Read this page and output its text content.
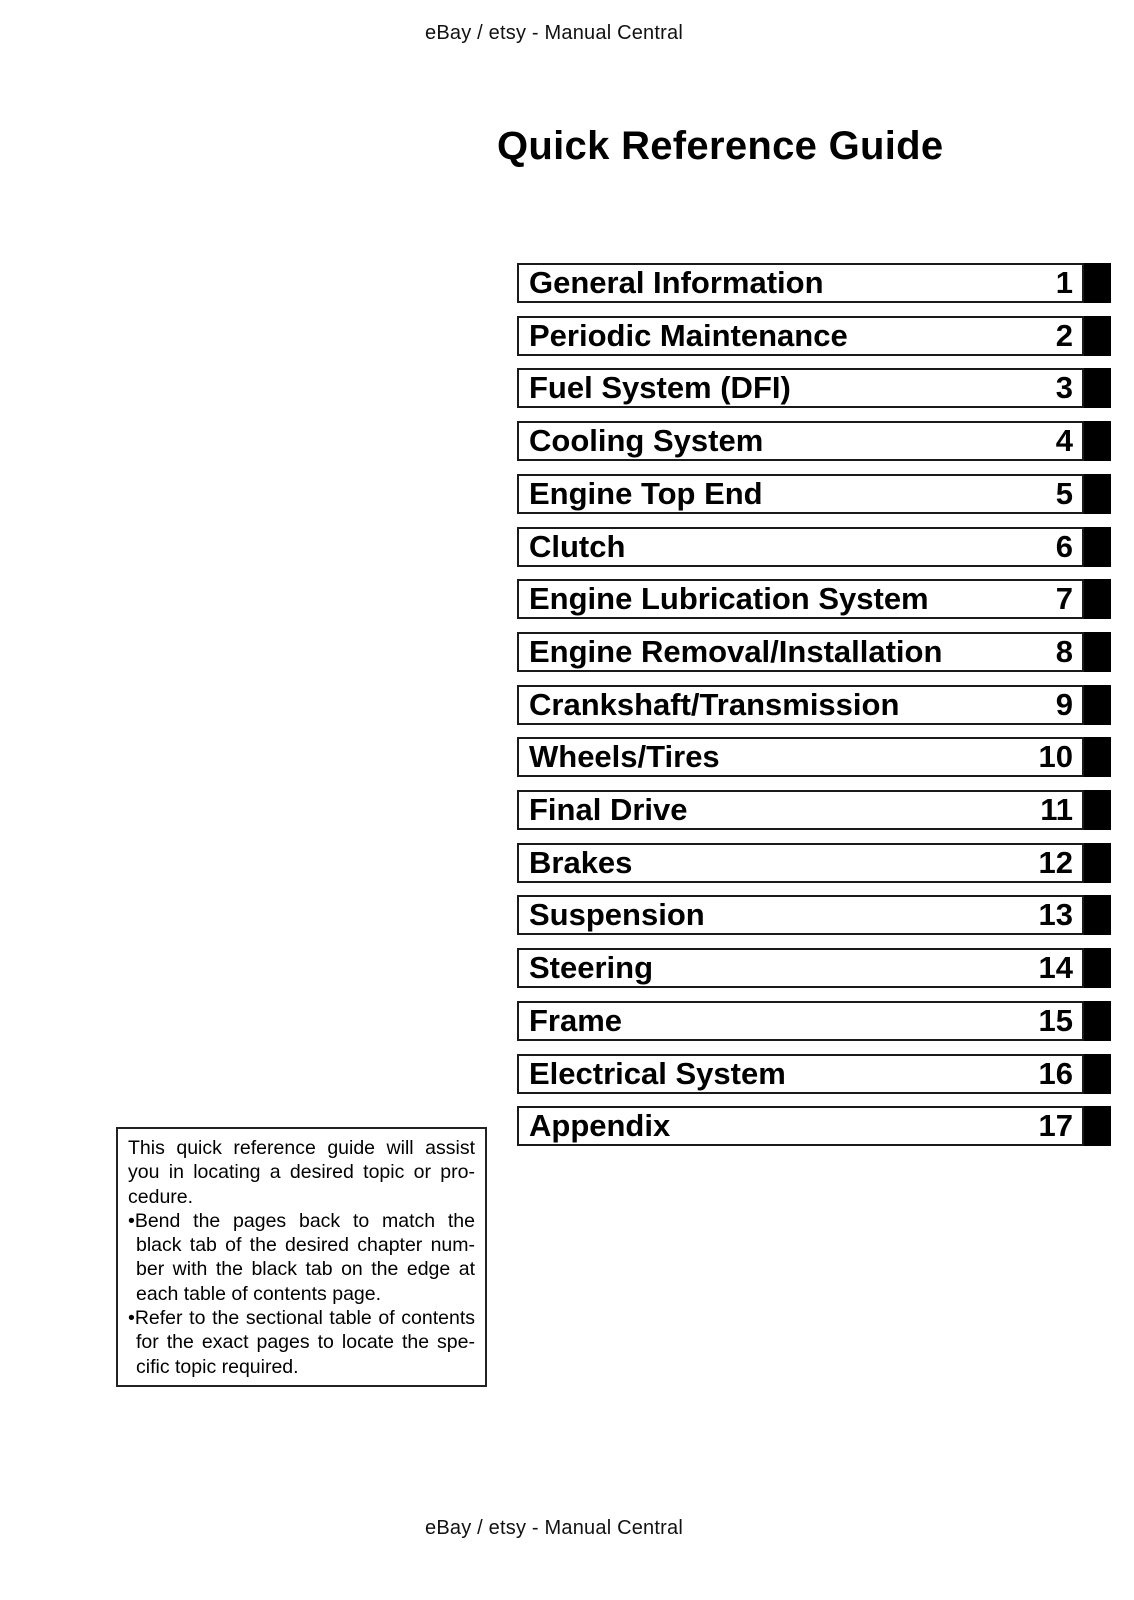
eBay / etsy - Manual Central
Quick Reference Guide
General Information	1
Periodic Maintenance	2
Fuel System (DFI)	3
Cooling System	4
Engine Top End	5
Clutch	6
Engine Lubrication System	7
Engine Removal/Installation	8
Crankshaft/Transmission	9
Wheels/Tires	10
Final Drive	11
Brakes	12
Suspension	13
Steering	14
Frame	15
Electrical System	16
Appendix	17

This quick reference guide will assist you in locating a desired topic or procedure.

•Bend the pages back to match the black tab of the desired chapter number with the black tab on the edge at each table of contents page.

•Refer to the sectional table of contents for the exact pages to locate the specific topic required.

eBay / etsy - Manual Central
